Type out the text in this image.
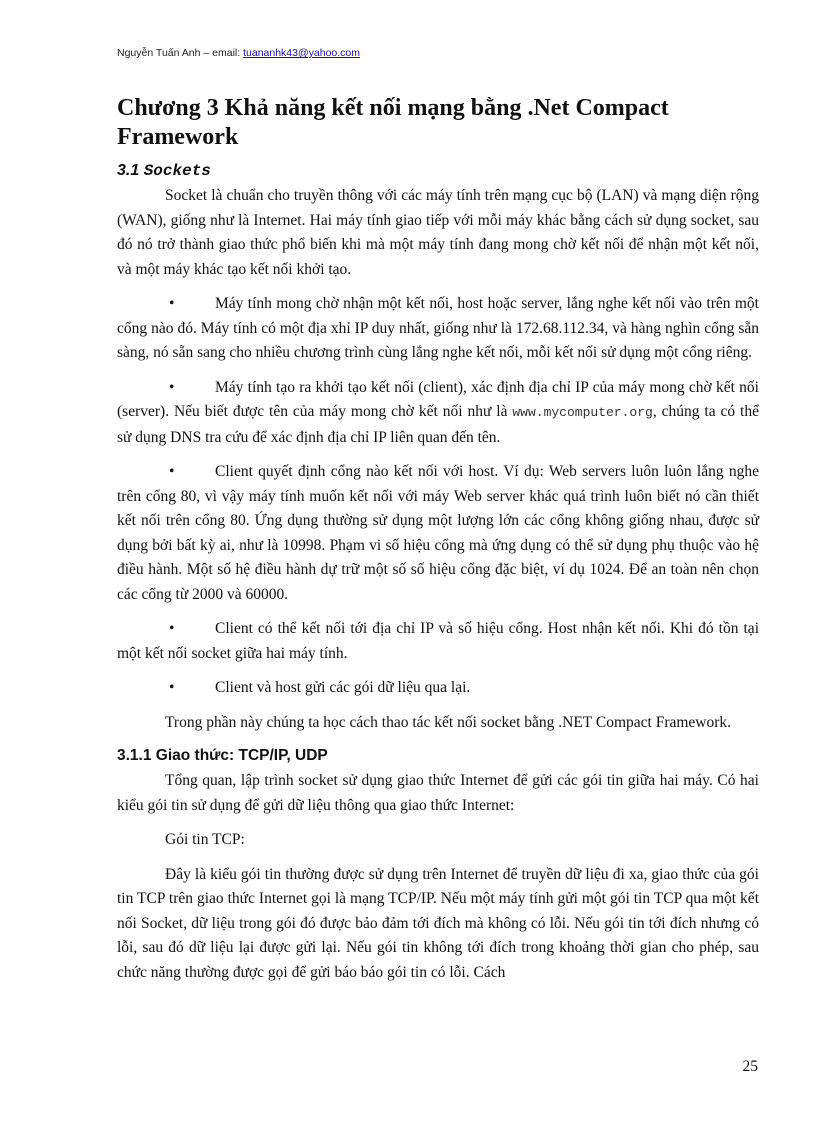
Nguyễn Tuấn Anh – email: tuananhk43@yahoo.com
Chương 3 Khả năng kết nối mạng bằng .Net Compact Framework
3.1 Sockets

Socket là chuẩn cho truyền thông với các máy tính trên mạng cục bộ (LAN) và mạng diện rộng (WAN), giống như là Internet. Hai máy tính giao tiếp với mỗi máy khác bằng cách sử dụng socket, sau đó nó trở thành giao thức phổ biến khi mà một máy tính đang mong chờ kết nối để nhận một kết nối, và một máy khác tạo kết nối khởi tạo.

•	Máy tính mong chờ nhận một kết nối, host hoặc server, lắng nghe kết nối vào trên một cổng nào đó. Máy tính có một địa xhỉ IP duy nhất, giống như là 172.68.112.34, và hàng nghìn cổng sẵn sàng, nó sẵn sang cho nhiều chương trình cùng lắng nghe kết nối, mỗi kết nối sử dụng một cổng riêng.

•	Máy tính tạo ra khởi tạo kết nối (client), xác định địa chỉ IP của máy mong chờ kết nối (server). Nếu biết được tên của máy mong chờ kết nối như là www.mycomputer.org, chúng ta có thể sử dụng DNS tra cứu để xác định địa chỉ IP liên quan đến tên.

•	Client quyết định cổng nào kết nối với host. Ví dụ: Web servers luôn luôn lắng nghe trên cổng 80, vì vậy máy tính muốn kết nối với máy Web server khác quá trình luôn biết nó cần thiết kết nối trên cổng 80. Ứng dụng thường sử dụng một lượng lớn các cổng không giống nhau, được sử dụng bởi bất kỳ ai, như là 10998. Phạm vi số hiệu cổng mà ứng dụng có thể sử dụng phụ thuộc vào hệ điều hành. Một số hệ điều hành dự trữ một số số hiệu cổng đặc biệt, ví dụ 1024. Để an toàn nên chọn các cổng từ 2000 và 60000.

•	Client có thể kết nối tới địa chỉ IP và số hiệu cổng. Host nhận kết nối. Khi đó tồn tại một kết nối socket giữa hai máy tính.

•	Client và host gửi các gói dữ liệu qua lại.

Trong phần này chúng ta học cách thao tác kết nối socket bằng .NET Compact Framework.

3.1.1 Giao thức: TCP/IP, UDP

Tổng quan, lập trình socket sử dụng giao thức Internet để gửi các gói tin giữa hai máy. Có hai kiểu gói tin sử dụng để gửi dữ liệu thông qua giao thức Internet:

Gói tin TCP:

Đây là kiểu gói tin thường được sử dụng trên Internet để truyền dữ liệu đi xa, giao thức của gói tin TCP trên giao thức Internet gọi là mạng TCP/IP. Nếu một máy tính gửi một gói tin TCP qua một kết nối Socket, dữ liệu trong gói đó được bảo đảm tới đích mà không có lỗi. Nếu gói tin tới đích nhưng có lỗi, sau đó dữ liệu lại được gửi lại. Nếu gói tin không tới đích trong khoảng thời gian cho phép, sau chức năng thường được gọi để gửi báo báo gói tin có lỗi. Cách

25
